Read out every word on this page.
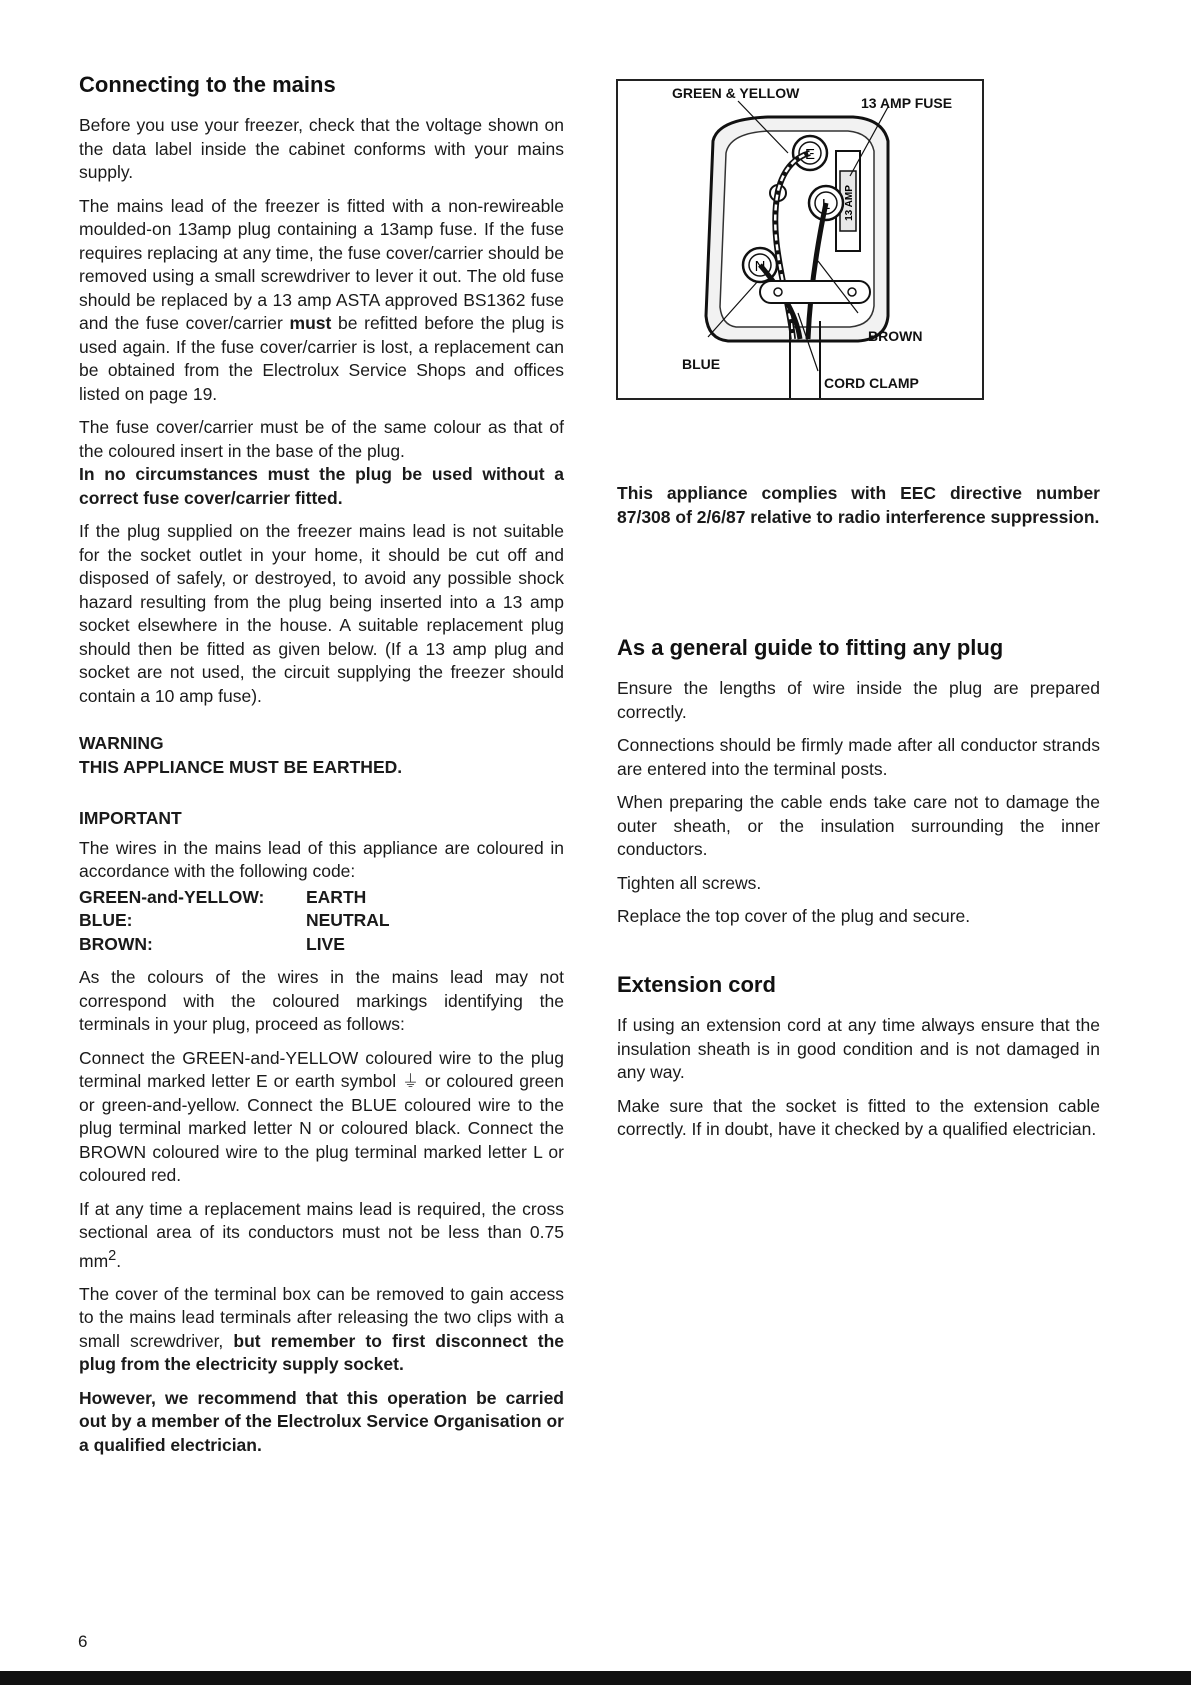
Connecting to the mains

Before you use your freezer, check that the voltage shown on the data label inside the cabinet conforms with your mains supply.

The mains lead of the freezer is fitted with a non-rewireable moulded-on 13amp plug containing a 13amp fuse. If the fuse requires replacing at any time, the fuse cover/carrier should be removed using a small screwdriver to lever it out. The old fuse should be replaced by a 13 amp ASTA approved BS1362 fuse and the fuse cover/carrier must be refitted before the plug is used again. If the fuse cover/carrier is lost, a replacement can be obtained from the Electrolux Service Shops and offices listed on page 19.

The fuse cover/carrier must be of the same colour as that of the coloured insert in the base of the plug.

In no circumstances must the plug be used without a correct fuse cover/carrier fitted.

If the plug supplied on the freezer mains lead is not suitable for the socket outlet in your home, it should be cut off and disposed of safely, or destroyed, to avoid any possible shock hazard resulting from the plug being inserted into a 13 amp socket elsewhere in the house. A suitable replacement plug should then be fitted as given below. (If a 13 amp plug and socket are not used, the circuit supplying the freezer should contain a 10 amp fuse).

WARNING
THIS APPLIANCE MUST BE EARTHED.
IMPORTANT

The wires in the mains lead of this appliance are coloured in accordance with the following code:

GREEN-and-YELLOW:	EARTH
BLUE:	NEUTRAL
BROWN:	LIVE

As the colours of the wires in the mains lead may not correspond with the coloured markings identifying the terminals in your plug, proceed as follows:

Connect the GREEN-and-YELLOW coloured wire to the plug terminal marked letter E or earth symbol ⏚ or coloured green or green-and-yellow. Connect the BLUE coloured wire to the plug terminal marked letter N or coloured black. Connect the BROWN coloured wire to the plug terminal marked letter L or coloured red.

If at any time a replacement mains lead is required, the cross sectional area of its conductors must not be less than 0.75 $mm^2$.

The cover of the terminal box can be removed to gain access to the mains lead terminals after releasing the two clips with a small screwdriver, but remember to first disconnect the plug from the electricity supply socket.

However, we recommend that this operation be carried out by a member of the Electrolux Service Organisation or a qualified electrician.

13 AMP
E
L
N
GREEN & YELLOW
13 AMP FUSE
BROWN
BLUE
CORD CLAMP

This appliance complies with EEC directive number 87/308 of 2/6/87 relative to radio interference suppression.

As a general guide to fitting any plug

Ensure the lengths of wire inside the plug are prepared correctly.

Connections should be firmly made after all conductor strands are entered into the terminal posts.

When preparing the cable ends take care not to damage the outer sheath, or the insulation surrounding the inner conductors.

Tighten all screws.

Replace the top cover of the plug and secure.

Extension cord

If using an extension cord at any time always ensure that the insulation sheath is in good condition and is not damaged in any way.

Make sure that the socket is fitted to the extension cable correctly. If in doubt, have it checked by a qualified electrician.

6
